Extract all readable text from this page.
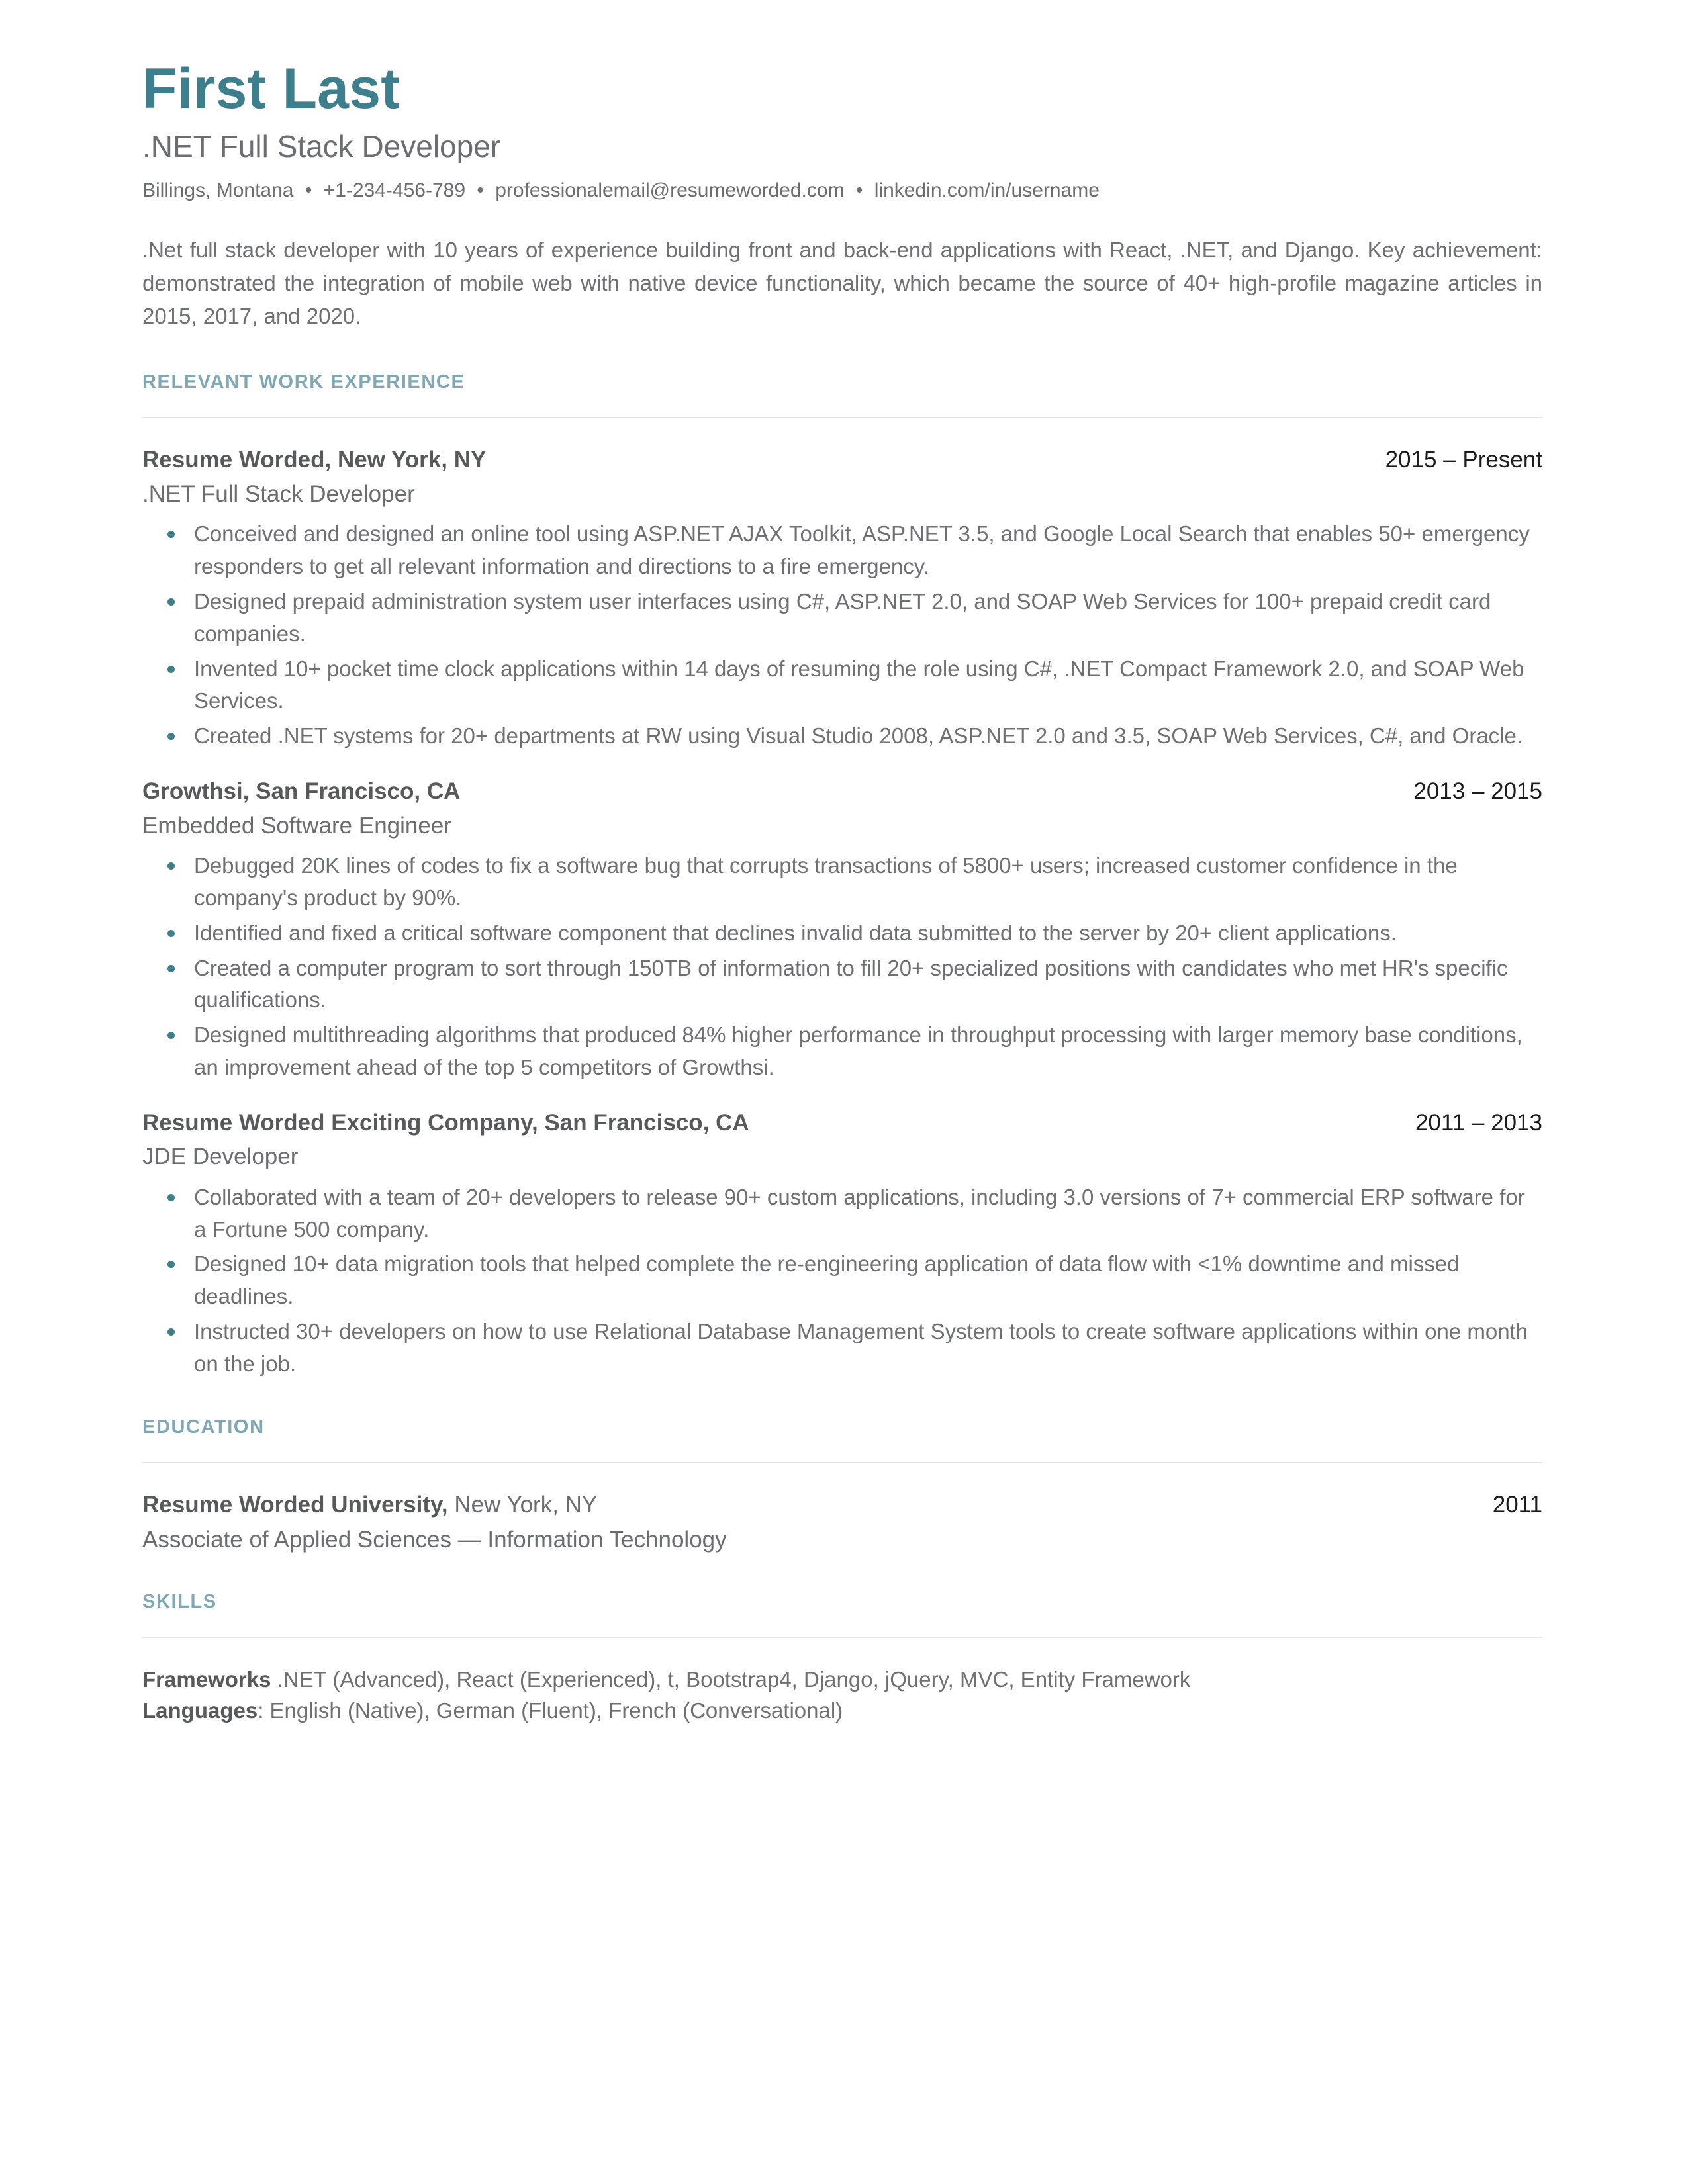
First Last
.NET Full Stack Developer
Billings, Montana • +1-234-456-789 • professionalemail@resumeworded.com • linkedin.com/in/username

.Net full stack developer with 10 years of experience building front and back-end applications with React, .NET, and Django. Key achievement: demonstrated the integration of mobile web with native device functionality, which became the source of 40+ high-profile magazine articles in 2015, 2017, and 2020.

RELEVANT WORK EXPERIENCE
Resume Worded, New York, NY	2015 – Present
.NET Full Stack Developer
Conceived and designed an online tool using ASP.NET AJAX Toolkit, ASP.NET 3.5, and Google Local Search that enables 50+ emergency responders to get all relevant information and directions to a fire emergency.
Designed prepaid administration system user interfaces using C#, ASP.NET 2.0, and SOAP Web Services for 100+ prepaid credit card companies.
Invented 10+ pocket time clock applications within 14 days of resuming the role using C#, .NET Compact Framework 2.0, and SOAP Web Services.
Created .NET systems for 20+ departments at RW using Visual Studio 2008, ASP.NET 2.0 and 3.5, SOAP Web Services, C#, and Oracle.
Growthsi, San Francisco, CA	2013 – 2015
Embedded Software Engineer
Debugged 20K lines of codes to fix a software bug that corrupts transactions of 5800+ users; increased customer confidence in the company's product by 90%.
Identified and fixed a critical software component that declines invalid data submitted to the server by 20+ client applications.
Created a computer program to sort through 150TB of information to fill 20+ specialized positions with candidates who met HR's specific qualifications.
Designed multithreading algorithms that produced 84% higher performance in throughput processing with larger memory base conditions, an improvement ahead of the top 5 competitors of Growthsi.
Resume Worded Exciting Company, San Francisco, CA	2011 – 2013
JDE Developer
Collaborated with a team of 20+ developers to release 90+ custom applications, including 3.0 versions of 7+ commercial ERP software for a Fortune 500 company.
Designed 10+ data migration tools that helped complete the re-engineering application of data flow with <1% downtime and missed deadlines.
Instructed 30+ developers on how to use Relational Database Management System tools to create software applications within one month on the job.
EDUCATION
Resume Worded University, New York, NY	2011
Associate of Applied Sciences — Information Technology
SKILLS
Frameworks .NET (Advanced), React (Experienced), t, Bootstrap4, Django, jQuery, MVC, Entity Framework
Languages: English (Native), German (Fluent), French (Conversational)
